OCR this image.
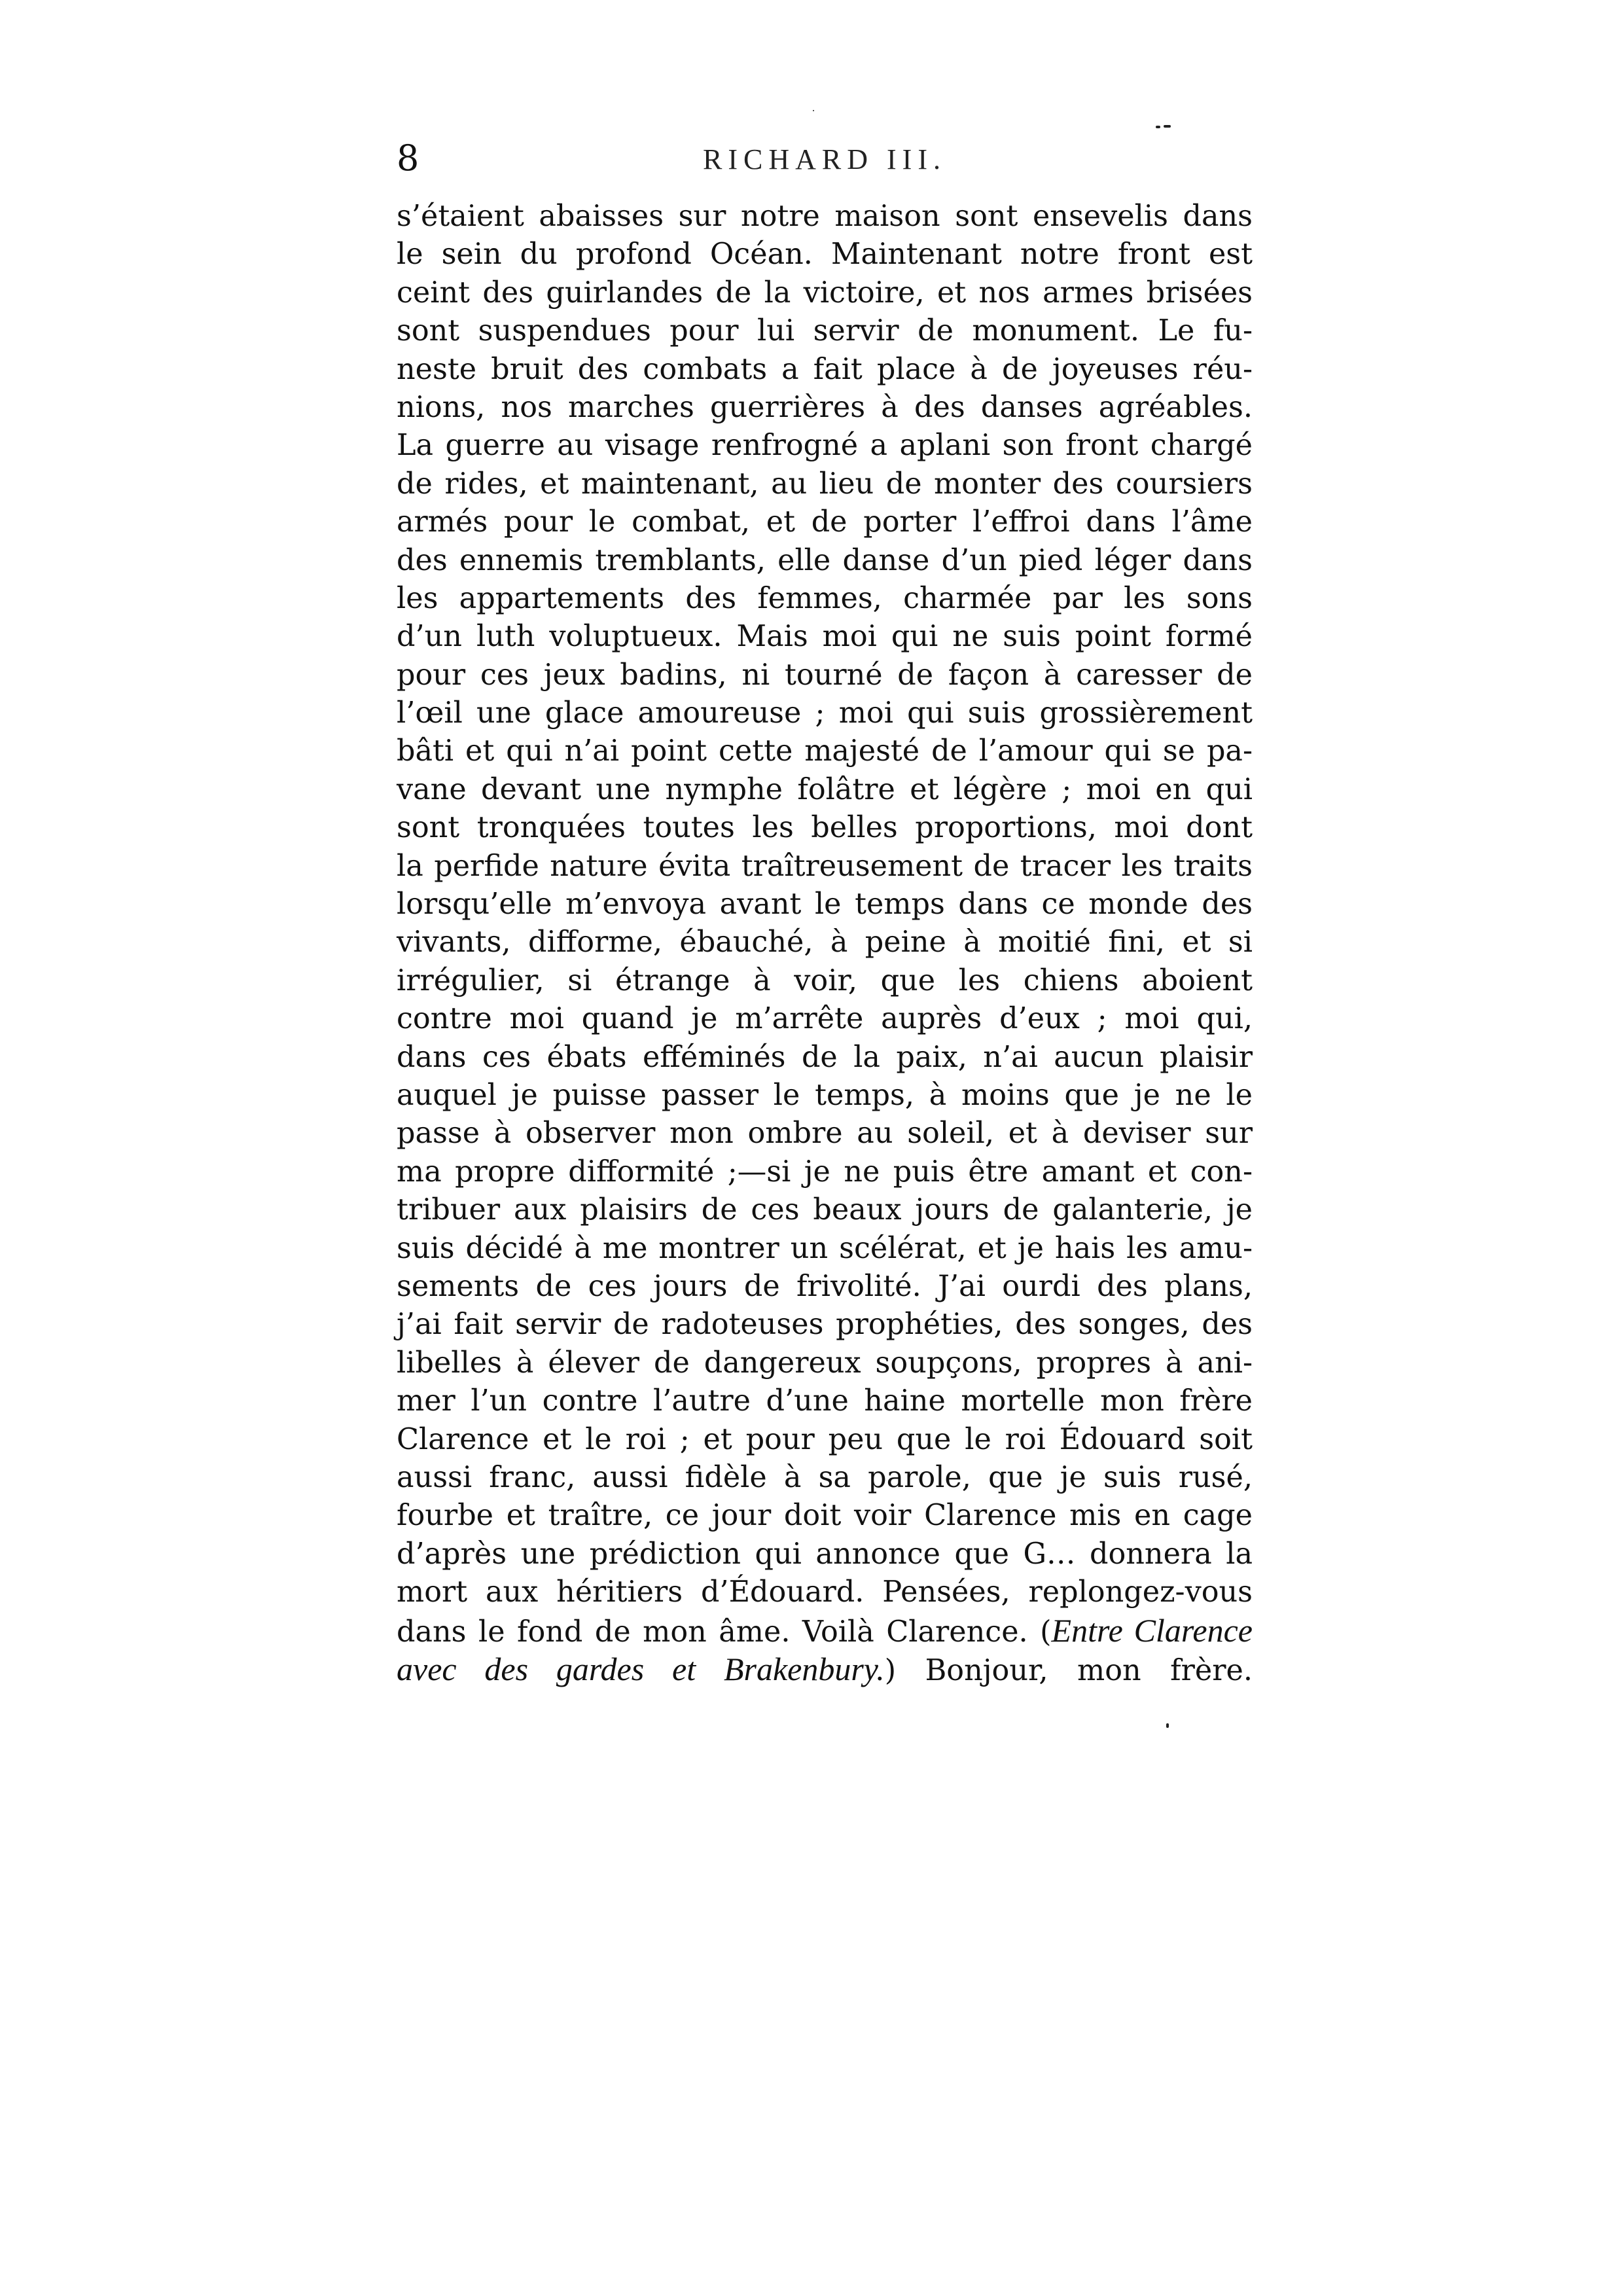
8	RICHARD III.
s’étaient abaisses sur notre maison sont ensevelis dans
le sein du profond Océan. Maintenant notre front est
ceint des guirlandes de la victoire, et nos armes brisées
sont suspendues pour lui servir de monument. Le fu-
neste bruit des combats a fait place à de joyeuses réu-
nions, nos marches guerrières à des danses agréables.
La guerre au visage renfrogné a aplani son front chargé
de rides, et maintenant, au lieu de monter des coursiers
armés pour le combat, et de porter l’effroi dans l’âme
des ennemis tremblants, elle danse d’un pied léger dans
les appartements des femmes, charmée par les sons
d’un luth voluptueux. Mais moi qui ne suis point formé
pour ces jeux badins, ni tourné de façon à caresser de
l’œil une glace amoureuse ; moi qui suis grossièrement
bâti et qui n’ai point cette majesté de l’amour qui se pa-
vane devant une nymphe folâtre et légère ; moi en qui
sont tronquées toutes les belles proportions, moi dont
la perfide nature évita traîtreusement de tracer les traits
lorsqu’elle m’envoya avant le temps dans ce monde des
vivants, difforme, ébauché, à peine à moitié fini, et si
irrégulier, si étrange à voir, que les chiens aboient
contre moi quand je m’arrête auprès d’eux ; moi qui,
dans ces ébats efféminés de la paix, n’ai aucun plaisir
auquel je puisse passer le temps, à moins que je ne le
passe à observer mon ombre au soleil, et à deviser sur
ma propre difformité ;—si je ne puis être amant et con-
tribuer aux plaisirs de ces beaux jours de galanterie, je
suis décidé à me montrer un scélérat, et je hais les amu-
sements de ces jours de frivolité. J’ai ourdi des plans,
j’ai fait servir de radoteuses prophéties, des songes, des
libelles à élever de dangereux soupçons, propres à ani-
mer l’un contre l’autre d’une haine mortelle mon frère
Clarence et le roi ; et pour peu que le roi Édouard soit
aussi franc, aussi fidèle à sa parole, que je suis rusé,
fourbe et traître, ce jour doit voir Clarence mis en cage
d’après une prédiction qui annonce que G… donnera la
mort aux héritiers d’Édouard. Pensées, replongez-vous
dans le fond de mon âme. Voilà Clarence. (Entre Clarence
avec des gardes et Brakenbury.) Bonjour, mon frère.
